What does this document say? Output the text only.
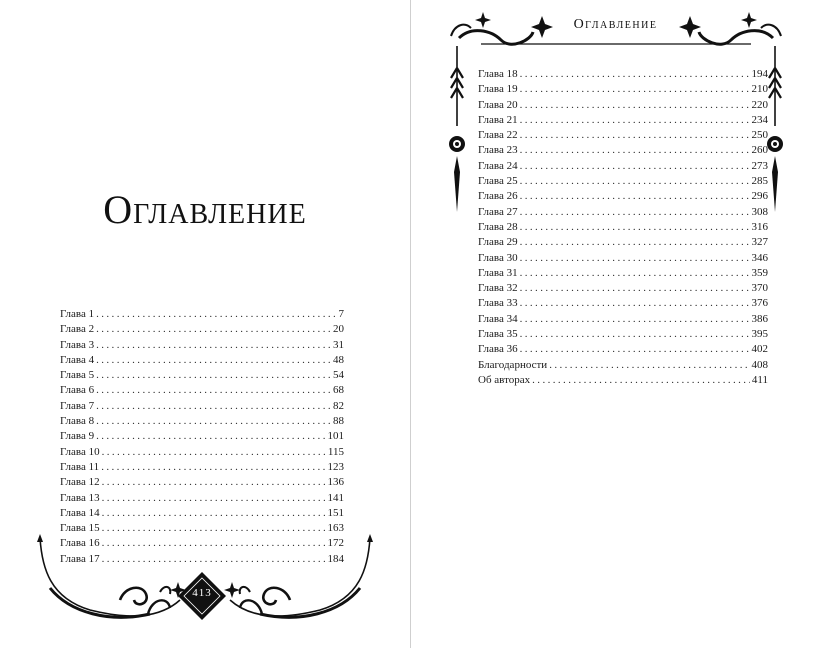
Оглавление
Глава 1 .....	7
Глава 2 .....	20
Глава 3 .....	31
Глава 4 .....	48
Глава 5 .....	54
Глава 6 .....	68
Глава 7 .....	82
Глава 8 .....	88
Глава 9 .....	101
Глава 10 .....	115
Глава 11 .....	123
Глава 12 .....	136
Глава 13 .....	141
Глава 14 .....	151
Глава 15 .....	163
Глава 16 .....	172
Глава 17 .....	184
413
Оглавление
Глава 18 .....	194
Глава 19 .....	210
Глава 20 .....	220
Глава 21 .....	234
Глава 22 .....	250
Глава 23 .....	260
Глава 24 .....	273
Глава 25 .....	285
Глава 26 .....	296
Глава 27 .....	308
Глава 28 .....	316
Глава 29 .....	327
Глава 30 .....	346
Глава 31 .....	359
Глава 32 .....	370
Глава 33 .....	376
Глава 34 .....	386
Глава 35 .....	395
Глава 36 .....	402
Благодарности .....	408
Об авторах .....	411
